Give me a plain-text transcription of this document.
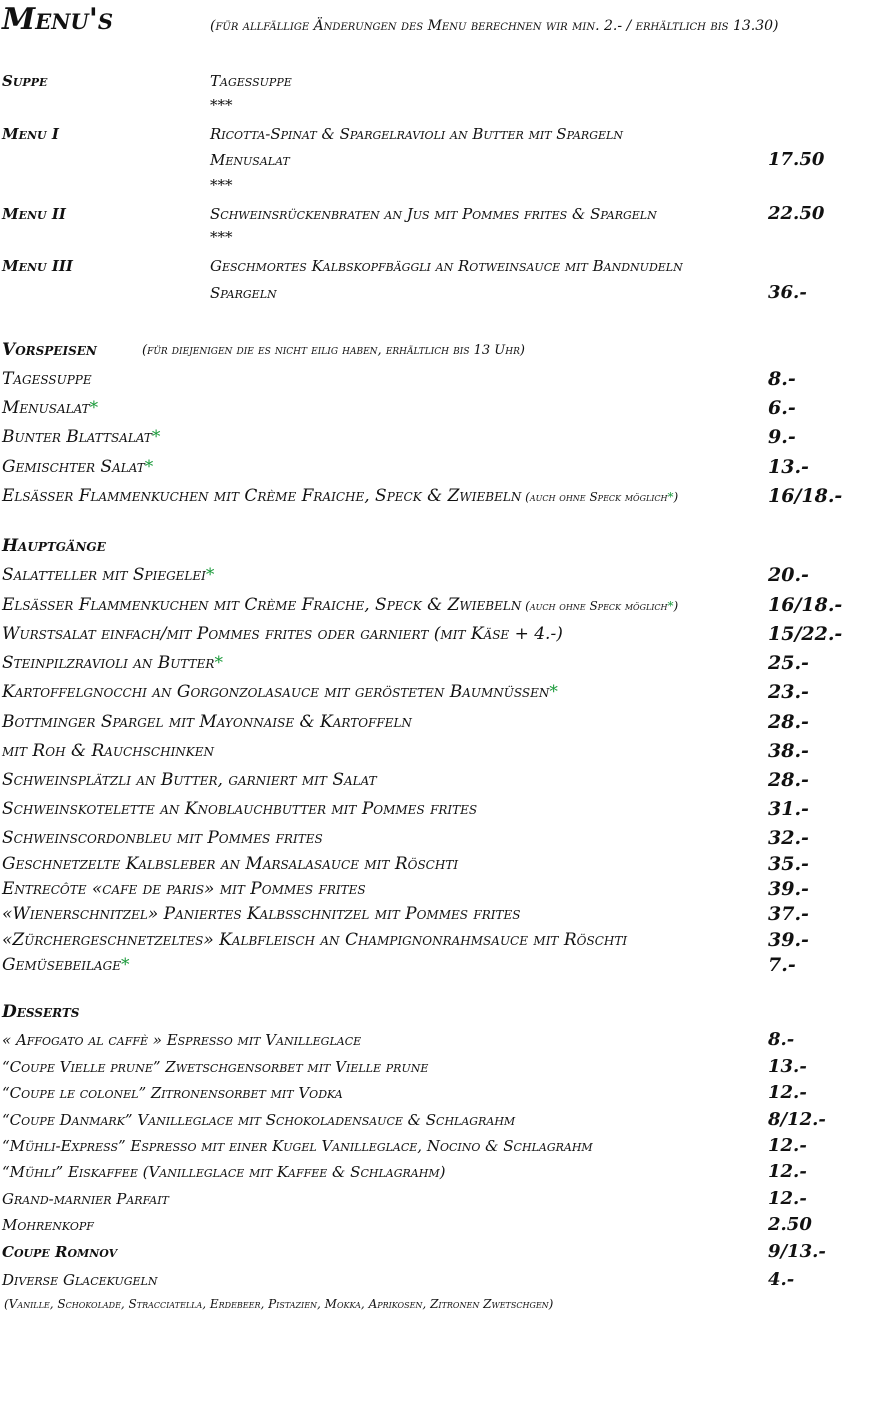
Menu's	(für allfällige Änderungen des Menu berechnen wir min. 2.- / erhältlich bis 13.30)
Suppe	Tagessuppe
***
Menu I	Ricotta-Spinat & Spargelravioli an Butter mit Spargeln
Menusalat	17.50
***
Menu II	Schweinsrückenbraten an Jus mit Pommes frites & Spargeln	22.50
***
Menu III	Geschmortes Kalbskopfbäggli an Rotweinsauce mit Bandnudeln
Spargeln	36.-
Vorspeisen	(für diejenigen die es nicht eilig haben, erhältlich bis 13 Uhr)
Tagessuppe	8.-
Menusalat*	6.-
Bunter Blattsalat*	9.-
Gemischter Salat*	13.-
Elsässer Flammenkuchen mit Crème Fraiche, Speck & Zwiebeln (auch ohne Speck möglich*)	16/18.-
Hauptgänge
Salatteller mit Spiegelei*	20.-
Elsässer Flammenkuchen mit Crème Fraiche, Speck & Zwiebeln (auch ohne Speck möglich*)	16/18.-
Wurstsalat einfach/mit Pommes frites oder garniert (mit Käse + 4.-)	15/22.-
Steinpilzravioli an Butter*	25.-
Kartoffelgnocchi an Gorgonzolasauce mit gerösteten Baumnüssen*	23.-
Bottminger Spargel mit Mayonnaise & Kartoffeln	28.-
mit Roh & Rauchschinken	38.-
Schweinsplätzli an Butter, garniert mit Salat	28.-
Schweinskotelette an Knoblauchbutter mit Pommes frites	31.-
Schweinscordonbleu mit Pommes frites	32.-
Geschnetzelte Kalbsleber an Marsalasauce mit Röschti	35.-
Entrecôte «cafe de paris» mit Pommes frites	39.-
«Wienerschnitzel» Paniertes Kalbsschnitzel mit Pommes frites	37.-
«Zürchergeschnetzeltes» Kalbfleisch an Champignonrahmsauce mit Röschti	39.-
Gemüsebeilage*	7.-
Desserts
« Affogato al caffè » Espresso mit Vanilleglace	8.-
“Coupe Vielle prune” Zwetschgensorbet mit Vielle prune	13.-
“Coupe le colonel” Zitronensorbet mit Vodka	12.-
“Coupe Danmark” Vanilleglace mit Schokoladensauce & Schlagrahm	8/12.-
“Mühli-Express” Espresso mit einer Kugel Vanilleglace, Nocino & Schlagrahm	12.-
“Mühli” Eiskaffee (Vanilleglace mit Kaffee & Schlagrahm)	12.-
Grand-marnier Parfait	12.-
Mohrenkopf	2.50
Coupe Romnov	9/13.-
Diverse Glacekugeln	4.-
(Vanille, Schokolade, Stracciatella, Erdebeer, Pistazien, Mokka, Aprikosen, Zitronen Zwetschgen)
